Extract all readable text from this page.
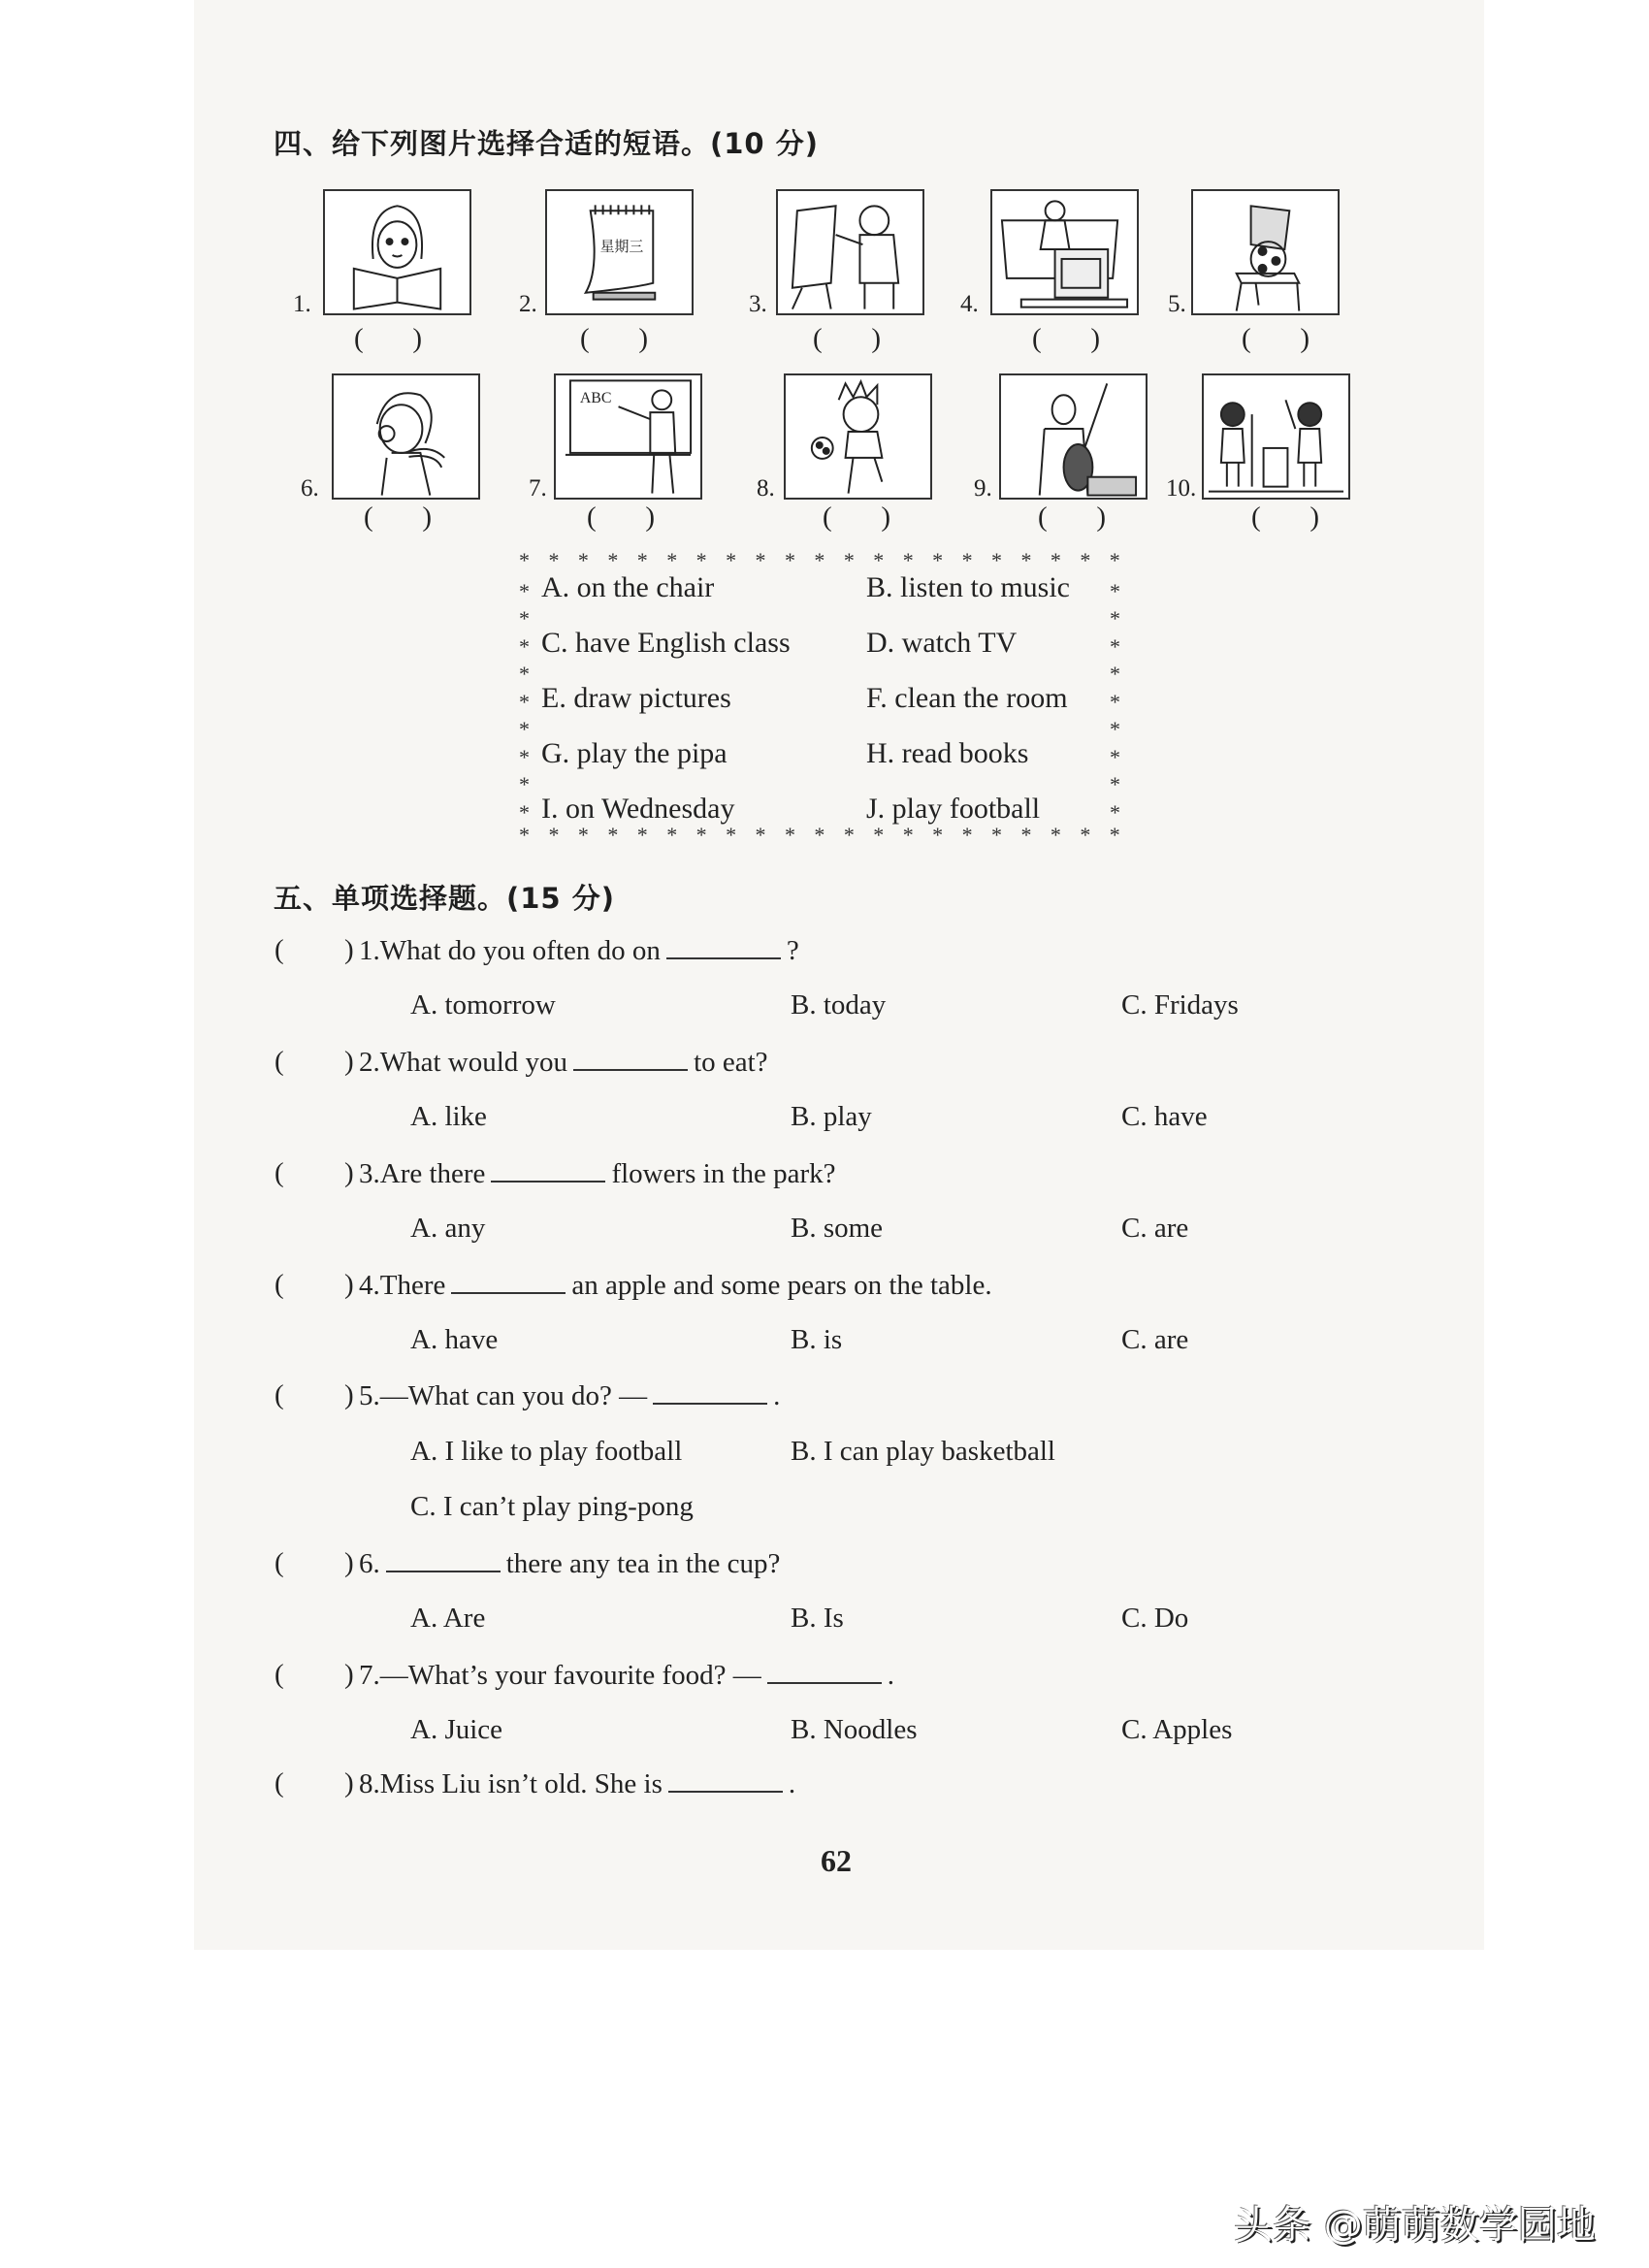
四、给下列图片选择合适的短语。(10 分)
1.
( )
2.
星期三
( )
3.
( )
4.
( )
5.
( )
6.
( )
7.
ABC
( )
8.
( )
9.
( )
10.
( )
* * * * * * * * * * * * * * * * * * * * *
* * * * * * * * * * * * * * * * * * * * *
*
*
*
*
*
*
*
*
*
*
*
*
*
*
*
*
*
*
A. on the chair	B. listen to music
C. have English class	D. watch TV
E. draw pictures	F. clean the room
G. play the pipa	H. read books
I. on Wednesday	J. play football
五、单项选择题。(15 分)
(	1.What do you often do on	?
)
A. tomorrow	B. today	C. Fridays
(	2.What would you	to eat?
)
A. like	B. play	C. have
(	3.Are there	flowers in the park?
)
A. any	B. some	C. are
(	4.There	an apple and some pears on the table.
)
A. have	B. is	C. are
(	5.—What can you do? —	.
)
A. I like to play football	B. I can play basketball
C. I can’t play ping-pong
(	6.	there any tea in the cup?
)
A. Are	B. Is	C. Do
(	7.—What’s your favourite food? —	.
)
A. Juice	B. Noodles	C. Apples
(	8.Miss Liu isn’t old. She is	.
)
62
头条 @萌萌数学园地
